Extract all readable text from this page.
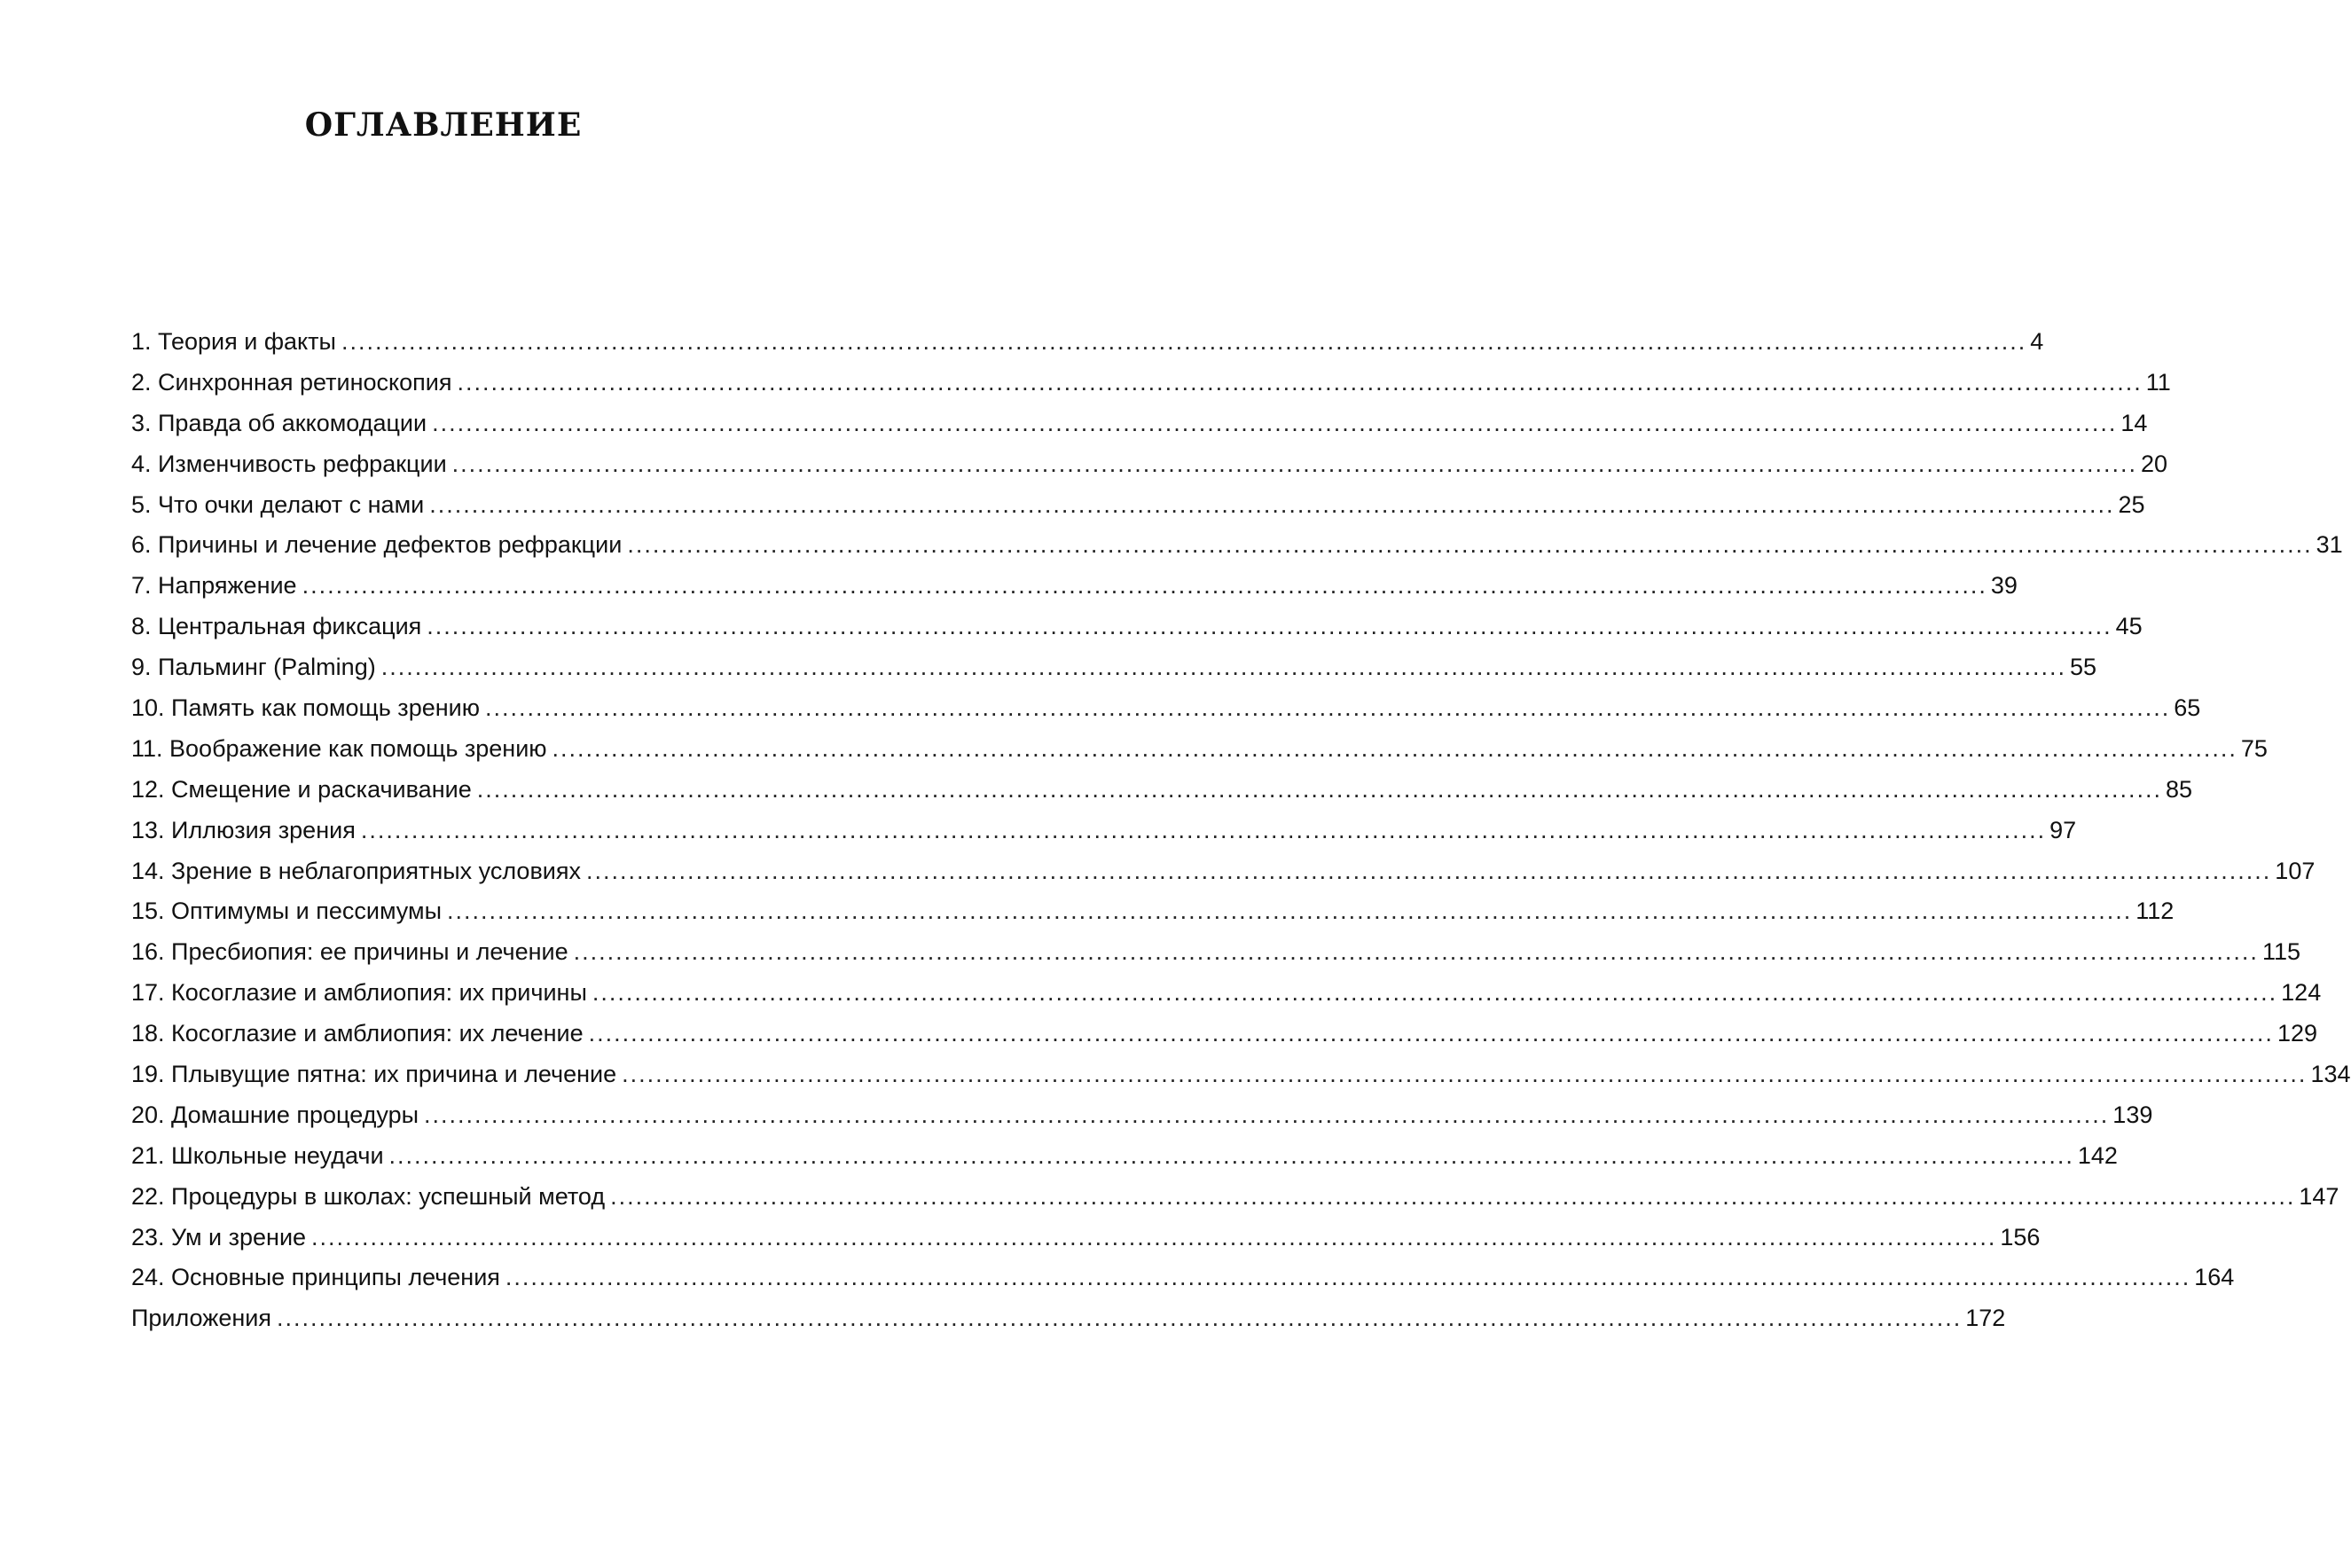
ОГЛАВЛЕНИЕ
1. Теория и факты ........................................................................................................................................................................................................ 4
2. Синхронная ретиноскопия ........................................................................................................................................................................................................ 11
3. Правда об аккомодации ........................................................................................................................................................................................................ 14
4. Изменчивость рефракции ........................................................................................................................................................................................................ 20
5. Что очки делают с нами ........................................................................................................................................................................................................ 25
6. Причины и лечение дефектов рефракции ........................................................................................................................................................................................................ 31
7. Напряжение ........................................................................................................................................................................................................ 39
8. Центральная фиксация ........................................................................................................................................................................................................ 45
9. Пальминг (Palming) ........................................................................................................................................................................................................ 55
10. Память как помощь зрению ........................................................................................................................................................................................................ 65
11. Воображение как помощь зрению ........................................................................................................................................................................................................ 75
12. Смещение и раскачивание ........................................................................................................................................................................................................ 85
13. Иллюзия зрения ........................................................................................................................................................................................................ 97
14. Зрение в неблагоприятных условиях ........................................................................................................................................................................................................ 107
15. Оптимумы и пессимумы ........................................................................................................................................................................................................ 112
16. Пресбиопия: ее причины и лечение ........................................................................................................................................................................................................ 115
17. Косоглазие и амблиопия: их причины ........................................................................................................................................................................................................ 124
18. Косоглазие и амблиопия: их лечение ........................................................................................................................................................................................................ 129
19. Плывущие пятна: их причина и лечение ........................................................................................................................................................................................................ 134
20. Домашние процедуры ........................................................................................................................................................................................................ 139
21. Школьные неудачи ........................................................................................................................................................................................................ 142
22. Процедуры в школах: успешный метод ........................................................................................................................................................................................................ 147
23. Ум и зрение ........................................................................................................................................................................................................ 156
24. Основные принципы лечения ........................................................................................................................................................................................................ 164
Приложения ........................................................................................................................................................................................................ 172
